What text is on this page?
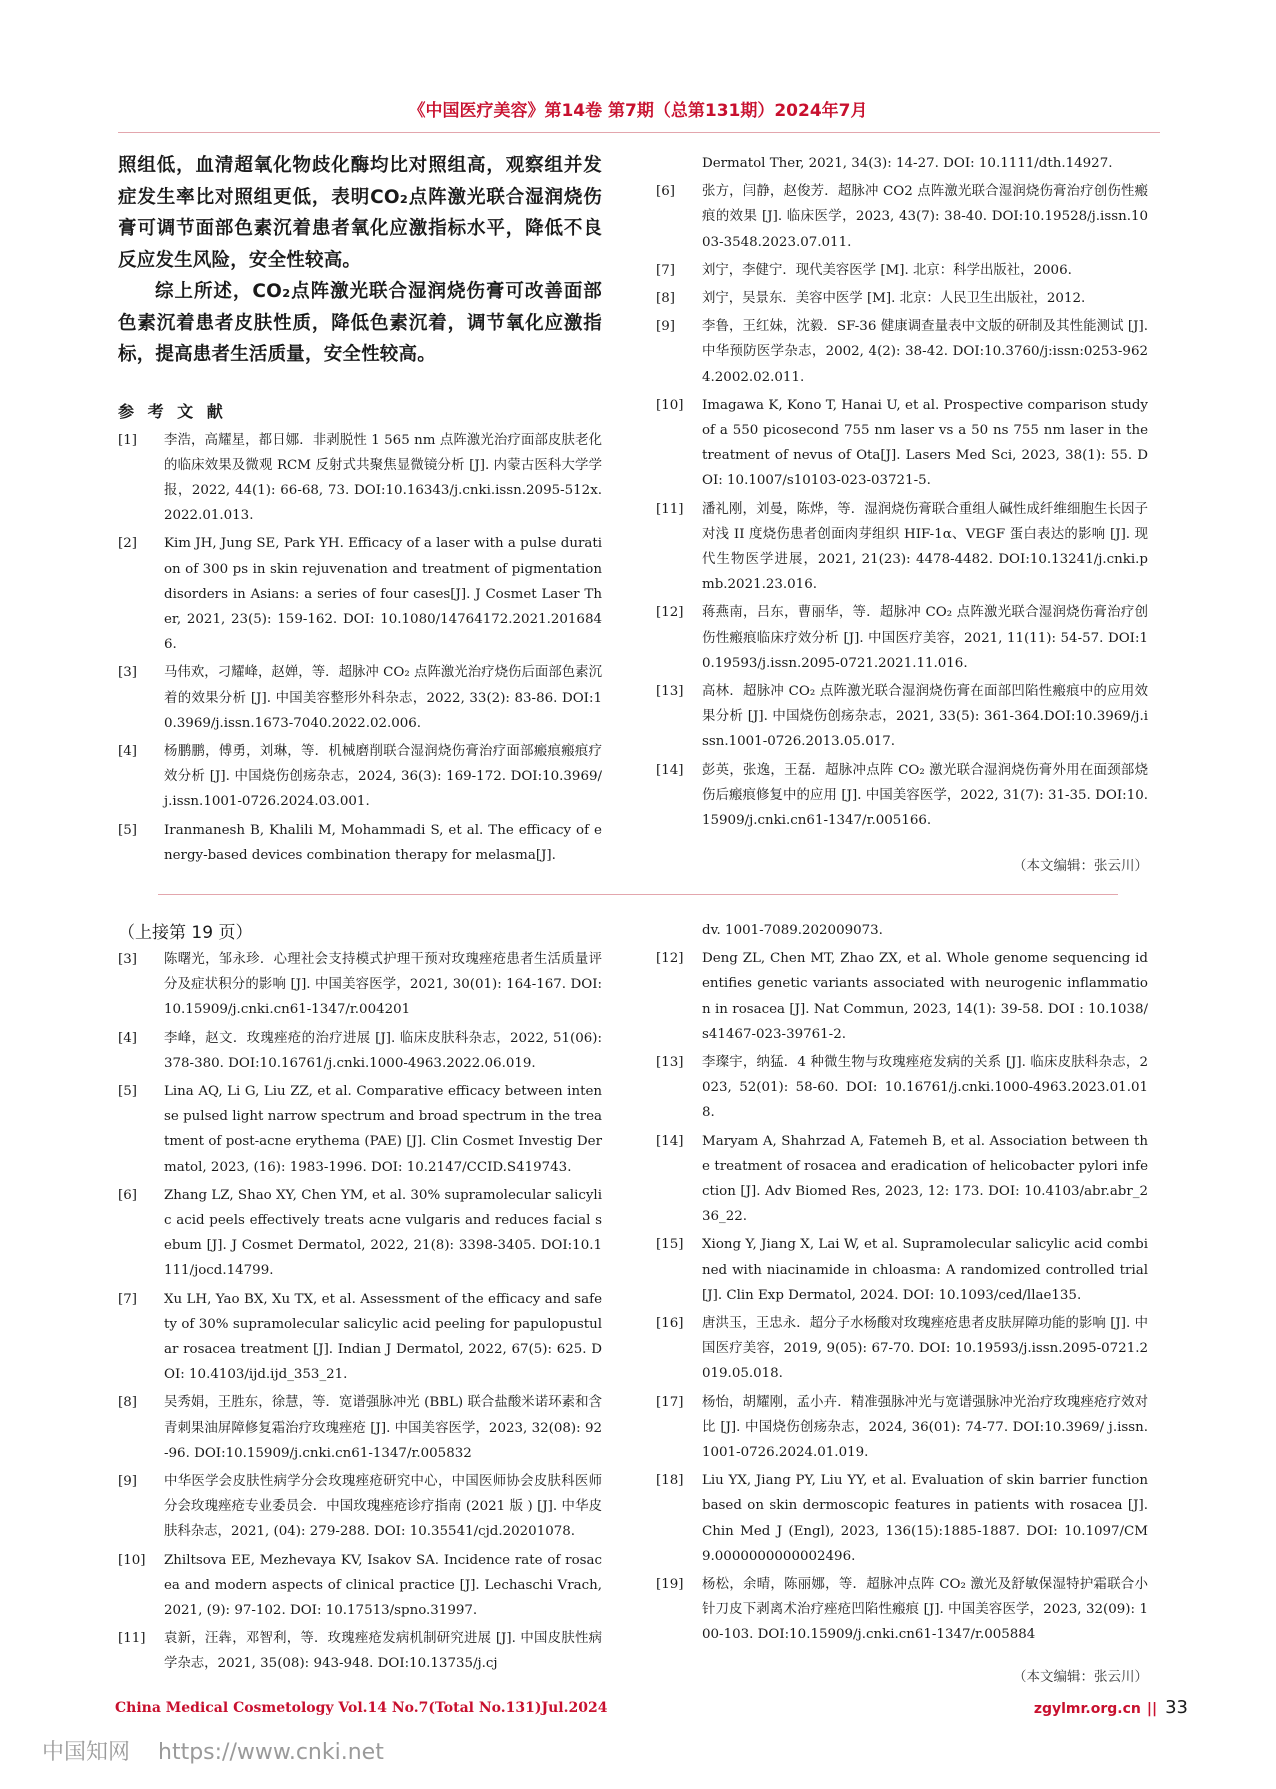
《中国医疗美容》第14卷 第7期（总第131期）2024年7月

照组低，血清超氧化物歧化酶均比对照组高，观察组并发症发生率比对照组更低，表明CO₂点阵激光联合湿润烧伤膏可调节面部色素沉着患者氧化应激指标水平，降低不良反应发生风险，安全性较高。

综上所述，CO₂点阵激光联合湿润烧伤膏可改善面部色素沉着患者皮肤性质，降低色素沉着，调节氧化应激指标，提高患者生活质量，安全性较高。

参 考 文 献

[1]	李浩，高耀星，都日娜．非剥脱性 1 565 nm 点阵激光治疗面部皮肤老化的临床效果及微观 RCM 反射式共聚焦显微镜分析 [J]. 内蒙古医科大学学报，2022, 44(1): 66-68, 73. DOI:10.16343/j.cnki.issn.2095-512x.2022.01.013.
[2]	Kim JH, Jung SE, Park YH. Efficacy of a laser with a pulse duration of 300 ps in skin rejuvenation and treatment of pigmentation disorders in Asians: a series of four cases[J]. J Cosmet Laser Ther, 2021, 23(5): 159-162. DOI: 10.1080/14764172.2021.2016846.
[3]	马伟欢，刁耀峰，赵婵，等．超脉冲 CO₂ 点阵激光治疗烧伤后面部色素沉着的效果分析 [J]. 中国美容整形外科杂志，2022, 33(2): 83-86. DOI:10.3969/j.issn.1673-7040.2022.02.006.
[4]	杨鹏鹏，傅勇，刘琳，等．机械磨削联合湿润烧伤膏治疗面部瘢痕瘢痕疗效分析 [J]. 中国烧伤创疡杂志，2024, 36(3): 169-172. DOI:10.3969/j.issn.1001-0726.2024.03.001.
[5]	Iranmanesh B, Khalili M, Mohammadi S, et al. The efficacy of energy-based devices combination therapy for melasma[J].
Dermatol Ther, 2021, 34(3): 14-27. DOI: 10.1111/dth.14927.
[6]	张方，闫静，赵俊芳．超脉冲 CO2 点阵激光联合湿润烧伤膏治疗创伤性瘢痕的效果 [J]. 临床医学，2023, 43(7): 38-40. DOI:10.19528/j.issn.1003-3548.2023.07.011.
[7]	刘宁，李健宁．现代美容医学 [M]. 北京：科学出版社，2006.
[8]	刘宁，吴景东．美容中医学 [M]. 北京：人民卫生出版社，2012.
[9]	李鲁，王红妹，沈毅．SF-36 健康调查量表中文版的研制及其性能测试 [J]. 中华预防医学杂志，2002, 4(2): 38-42. DOI:10.3760/j:issn:0253-9624.2002.02.011.
[10]	Imagawa K, Kono T, Hanai U, et al. Prospective comparison study of a 550 picosecond 755 nm laser vs a 50 ns 755 nm laser in the treatment of nevus of Ota[J]. Lasers Med Sci, 2023, 38(1): 55. DOI: 10.1007/s10103-023-03721-5.
[11]	潘礼刚，刘曼，陈烨，等．湿润烧伤膏联合重组人碱性成纤维细胞生长因子对浅 II 度烧伤患者创面肉芽组织 HIF-1α、VEGF 蛋白表达的影响 [J]. 现代生物医学进展，2021, 21(23): 4478-4482. DOI:10.13241/j.cnki.pmb.2021.23.016.
[12]	蒋燕南，吕东，曹丽华，等．超脉冲 CO₂ 点阵激光联合湿润烧伤膏治疗创伤性瘢痕临床疗效分析 [J]. 中国医疗美容，2021, 11(11): 54-57. DOI:10.19593/j.issn.2095-0721.2021.11.016.
[13]	高林．超脉冲 CO₂ 点阵激光联合湿润烧伤膏在面部凹陷性瘢痕中的应用效果分析 [J]. 中国烧伤创疡杂志，2021, 33(5): 361-364.DOI:10.3969/j.issn.1001-0726.2013.05.017.
[14]	彭英，张逸，王磊．超脉冲点阵 CO₂ 激光联合湿润烧伤膏外用在面颈部烧伤后瘢痕修复中的应用 [J]. 中国美容医学，2022, 31(7): 31-35. DOI:10.15909/j.cnki.cn61-1347/r.005166.
（本文编辑：张云川）

（上接第 19 页）

[3]	陈曙光，邹永珍．心理社会支持模式护理干预对玫瑰痤疮患者生活质量评分及症状积分的影响 [J]. 中国美容医学，2021, 30(01): 164-167. DOI:10.15909/j.cnki.cn61-1347/r.004201
[4]	李峰，赵文．玫瑰痤疮的治疗进展 [J]. 临床皮肤科杂志，2022, 51(06): 378-380. DOI:10.16761/j.cnki.1000-4963.2022.06.019.
[5]	Lina AQ, Li G, Liu ZZ, et al. Comparative efficacy between intense pulsed light narrow spectrum and broad spectrum in the treatment of post-acne erythema (PAE) [J]. Clin Cosmet Investig Dermatol, 2023, (16): 1983-1996. DOI: 10.2147/CCID.S419743.
[6]	Zhang LZ, Shao XY, Chen YM, et al. 30% supramolecular salicylic acid peels effectively treats acne vulgaris and reduces facial sebum [J]. J Cosmet Dermatol, 2022, 21(8): 3398-3405. DOI:10.1111/jocd.14799.
[7]	Xu LH, Yao BX, Xu TX, et al. Assessment of the efficacy and safety of 30% supramolecular salicylic acid peeling for papulopustular rosacea treatment [J]. Indian J Dermatol, 2022, 67(5): 625. DOI: 10.4103/ijd.ijd_353_21.
[8]	吴秀娟，王胜东，徐慧，等．宽谱强脉冲光 (BBL) 联合盐酸米诺环素和含青刺果油屏障修复霜治疗玫瑰痤疮 [J]. 中国美容医学，2023, 32(08): 92-96. DOI:10.15909/j.cnki.cn61-1347/r.005832
[9]	中华医学会皮肤性病学分会玫瑰痤疮研究中心，中国医师协会皮肤科医师分会玫瑰痤疮专业委员会．中国玫瑰痤疮诊疗指南 (2021 版 ) [J]. 中华皮肤科杂志，2021, (04): 279-288. DOI: 10.35541/cjd.20201078.
[10]	Zhiltsova EE, Mezhevaya KV, Isakov SA. Incidence rate of rosacea and modern aspects of clinical practice [J]. Lechaschi Vrach, 2021, (9): 97-102. DOI: 10.17513/spno.31997.
[11]	袁新，汪犇，邓智利，等．玫瑰痤疮发病机制研究进展 [J]. 中国皮肤性病学杂志，2021, 35(08): 943-948. DOI:10.13735/j.cj
dv. 1001-7089.202009073.
[12]	Deng ZL, Chen MT, Zhao ZX, et al. Whole genome sequencing identifies genetic variants associated with neurogenic inflammation in rosacea [J]. Nat Commun, 2023, 14(1): 39-58. DOI : 10.1038/s41467-023-39761-2.
[13]	李璨宇，纳猛．4 种微生物与玫瑰痤疮发病的关系 [J]. 临床皮肤科杂志，2023, 52(01): 58-60. DOI: 10.16761/j.cnki.1000-4963.2023.01.018.
[14]	Maryam A, Shahrzad A, Fatemeh B, et al. Association between the treatment of rosacea and eradication of helicobacter pylori infection [J]. Adv Biomed Res, 2023, 12: 173. DOI: 10.4103/abr.abr_236_22.
[15]	Xiong Y, Jiang X, Lai W, et al. Supramolecular salicylic acid combined with niacinamide in chloasma: A randomized controlled trial [J]. Clin Exp Dermatol, 2024. DOI: 10.1093/ced/llae135.
[16]	唐洪玉，王忠永．超分子水杨酸对玫瑰痤疮患者皮肤屏障功能的影响 [J]. 中国医疗美容，2019, 9(05): 67-70. DOI: 10.19593/j.issn.2095-0721.2019.05.018.
[17]	杨怡，胡耀刚，孟小卉．精准强脉冲光与宽谱强脉冲光治疗玫瑰痤疮疗效对比 [J]. 中国烧伤创疡杂志，2024, 36(01): 74-77. DOI:10.3969/ j.issn.1001-0726.2024.01.019.
[18]	Liu YX, Jiang PY, Liu YY, et al. Evaluation of skin barrier function based on skin dermoscopic features in patients with rosacea [J]. Chin Med J (Engl), 2023, 136(15):1885-1887. DOI: 10.1097/CM 9.0000000000002496.
[19]	杨松，余晴，陈丽娜，等．超脉冲点阵 CO₂ 激光及舒敏保湿特护霜联合小针刀皮下剥离术治疗痤疮凹陷性瘢痕 [J]. 中国美容医学，2023, 32(09): 100-103. DOI:10.15909/j.cnki.cn61-1347/r.005884
（本文编辑：张云川）
China Medical Cosmetology Vol.14 No.7(Total No.131)Jul.2024	zgylmr.org.cn || 33
中国知网 https://www.cnki.net
